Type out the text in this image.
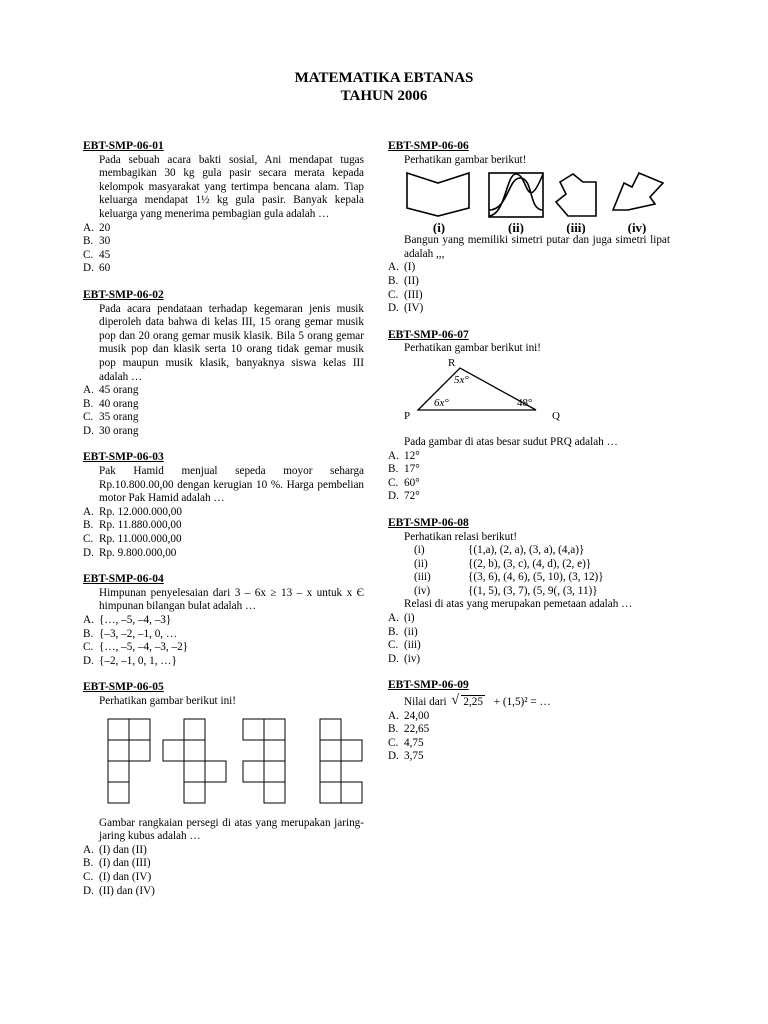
MATEMATIKA EBTANAS
TAHUN 2006
EBT-SMP-06-01
Pada sebuah acara bakti sosial, Ani mendapat tugas membagikan 30 kg gula pasir secara merata kepada kelompok masyarakat yang tertimpa bencana alam. Tiap keluarga mendapat 1½ kg gula pasir. Banyak kepala keluarga yang menerima pembagian gula adalah …
A. 20
B. 30
C. 45
D. 60
EBT-SMP-06-02
Pada acara pendataan terhadap kegemaran jenis musik diperoleh data bahwa di kelas III, 15 orang gemar musik pop dan 20 orang gemar musik klasik. Bila 5 orang gemar musik pop dan klasik serta 10 orang tidak gemar musik pop maupun musik klasik, banyaknya siswa kelas III adalah …
A. 45 orang
B. 40 orang
C. 35 orang
D. 30 orang
EBT-SMP-06-03
Pak Hamid menjual sepeda moyor seharga Rp.10.800.00,00 dengan kerugian 10 %. Harga pembelian motor Pak Hamid adalah …
A. Rp. 12.000.000,00
B. Rp. 11.880.000,00
C. Rp. 11.000.000,00
D. Rp. 9.800.000,00
EBT-SMP-06-04
Himpunan penyelesaian dari 3 – 6x ≥ 13 – x untuk x Є himpunan bilangan bulat adalah …
A. {…, –5, –4, –3}
B. {–3, –2, –1, 0, …
C. {…, –5, –4, –3, –2}
D. {–2, –1, 0, 1, …}
EBT-SMP-06-05
Perhatikan gambar berikut ini!
Gambar rangkaian persegi di atas yang merupakan jaring-jaring kubus adalah …
A. (I) dan (II)
B. (I) dan (III)
C. (I) dan (IV)
D. (II) dan (IV)
EBT-SMP-06-06
Perhatikan gambar berikut!
(i)	(ii)	(iii)	(iv)
Bangun yang memiliki simetri putar dan juga simetri lipat adalah ,,,
A. (I)
B. (II)
C. (III)
D. (IV)
EBT-SMP-06-07
Perhatikan gambar berikut ini!
R
P	Q
5x°
6x°	48°
Pada gambar di atas besar sudut PRQ adalah …
A. 12°
B. 17°
C. 60°
D. 72°
EBT-SMP-06-08
Perhatikan relasi berikut!
(i)	{(1,a), (2, a), (3, a), (4,a)}
(ii)	{(2, b), (3, c), (4, d), (2, e)}
(iii)	{(3, 6), (4, 6), (5, 10), (3, 12)}
(iv)	{(1, 5), (3, 7), (5, 9(, (3, 11)}
Relasi di atas yang merupakan pemetaan adalah …
A. (i)
B. (ii)
C. (iii)
D. (iv)
EBT-SMP-06-09
Nilai dari √ 2,25 + (1,5)² = …
A. 24,00
B. 22,65
C. 4,75
D. 3,75
